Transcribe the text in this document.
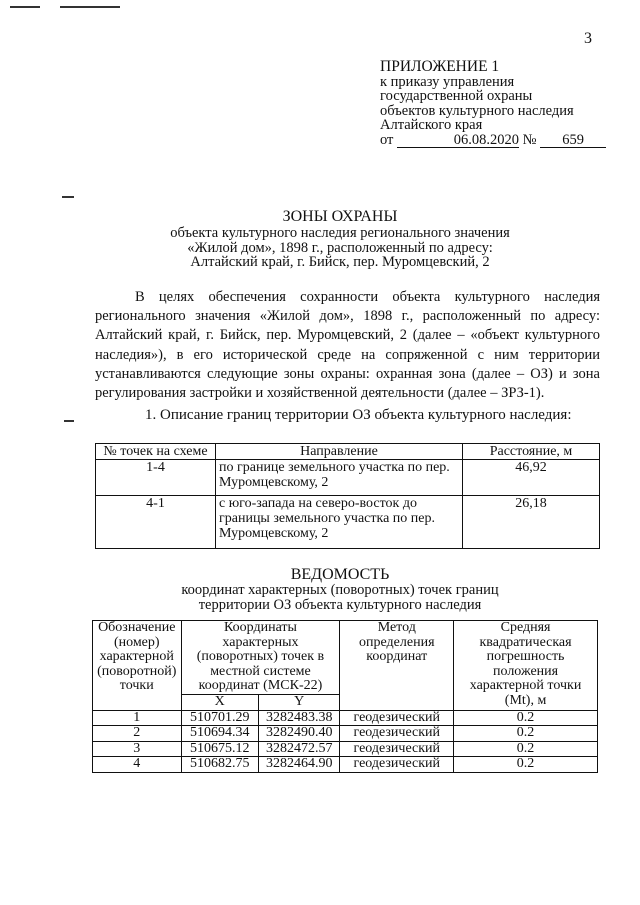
3
ПРИЛОЖЕНИЕ 1
к приказу управления
государственной охраны
объектов культурного наследия
Алтайского края
от	06.08.2020 № 659
ЗОНЫ ОХРАНЫ
объекта культурного наследия регионального значения
«Жилой дом», 1898 г., расположенный по адресу:
Алтайский край, г. Бийск, пер. Муромцевский, 2
В целях обеспечения сохранности объекта культурного наследия регионального значения «Жилой дом», 1898 г., расположенный по адресу: Алтайский край, г. Бийск, пер. Муромцевский, 2 (далее – «объект культурного наследия»), в его исторической среде на сопряженной с ним территории устанавливаются следующие зоны охраны: охранная зона (далее – ОЗ) и зона регулирования застройки и хозяйственной деятельности (далее – ЗРЗ-1).
1. Описание границ территории ОЗ объекта культурного наследия:
№ точек на схеме	Направление	Расстояние, м
1-4	по границе земельного участка по пер. Муромцевскому, 2	46,92
4-1	с юго-запада на северо-восток до границы земельного участка по пер. Муромцевскому, 2	26,18
ВЕДОМОСТЬ
координат характерных (поворотных) точек границ
территории ОЗ объекта культурного наследия
Обозначение (номер) характерной (поворотной) точки	Координаты характерных (поворотных) точек в местной системе координат (МСК-22)		Метод определения координат	Средняя квадратическая погрешность положения характерной точки (Mt), м
	X	Y		
1	510701.29	3282483.38	геодезический	0.2
2	510694.34	3282490.40	геодезический	0.2
3	510675.12	3282472.57	геодезический	0.2
4	510682.75	3282464.90	геодезический	0.2
